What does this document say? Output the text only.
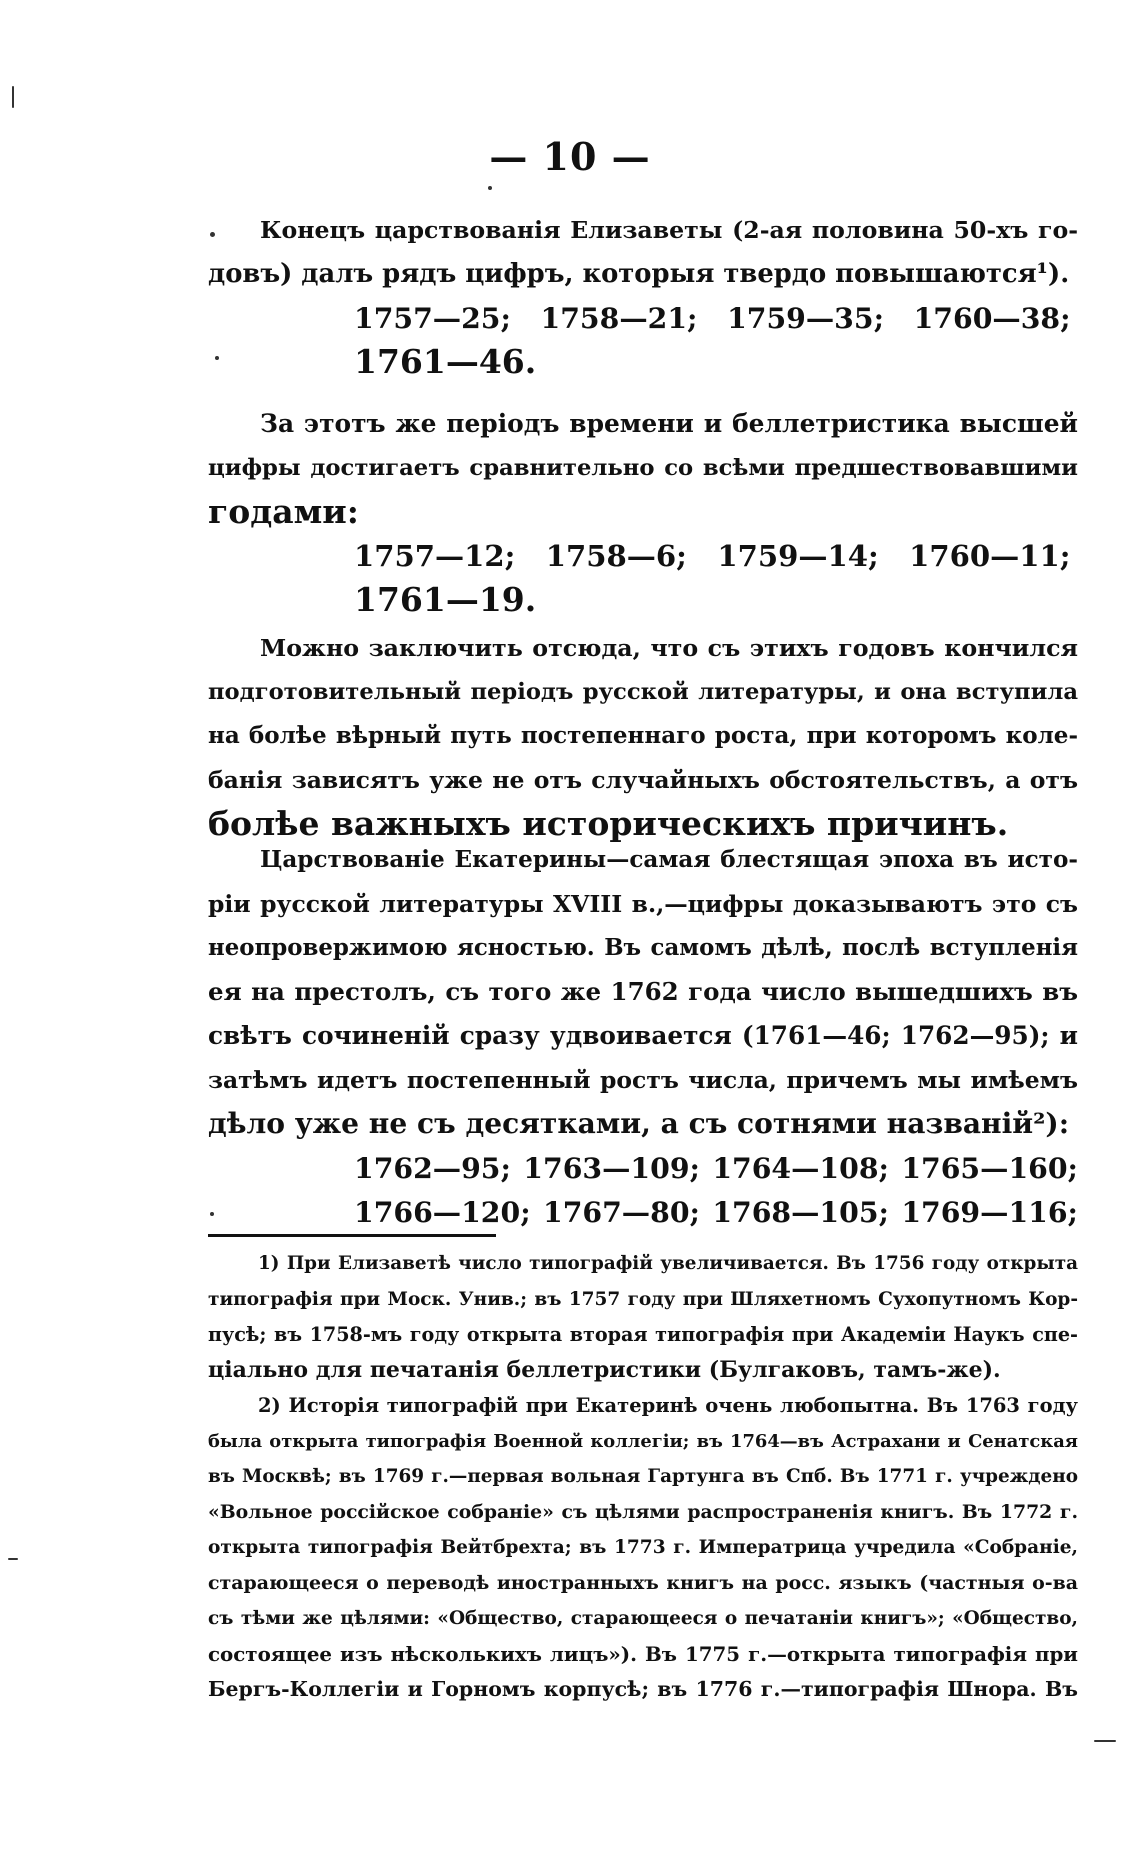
— 10 —
Конецъ царствованія Елизаветы (2-ая половина 50-хъ го-
довъ) далъ рядъ цифръ, которыя твердо повышаются¹).
1757—25;   1758—21;   1759—35;   1760—38;
1761—46.
За этотъ же періодъ времени и беллетристика высшей
цифры достигаетъ сравнительно со всѣми предшествовавшими
годами:
1757—12;   1758—6;   1759—14;   1760—11;
1761—19.
Можно заключить отсюда, что съ этихъ годовъ кончился
подготовительный періодъ русской литературы, и она вступила
на болѣе вѣрный путь постепеннаго роста, при которомъ коле-
банія зависятъ уже не отъ случайныхъ обстоятельствъ, а отъ
болѣе важныхъ историческихъ причинъ.
Царствованіе Екатерины—самая блестящая эпоха въ исто-
ріи русской литературы XVIII в.,—цифры доказываютъ это съ
неопровержимою ясностью. Въ самомъ дѣлѣ, послѣ вступленія
ея на престолъ, съ того же 1762 года число вышедшихъ въ
свѣтъ сочиненій сразу удвоивается (1761—46; 1762—95); и
затѣмъ идетъ постепенный ростъ числа, причемъ мы имѣемъ
дѣло уже не съ десятками, а съ сотнями названій²):
1762—95; 1763—109; 1764—108; 1765—160;
1766—120; 1767—80; 1768—105; 1769—116;
1) При Елизаветѣ число типографій увеличивается. Въ 1756 году открыта
типографія при Моск. Унив.; въ 1757 году при Шляхетномъ Сухопутномъ Кор-
пусѣ; въ 1758-мъ году открыта вторая типографія при Академіи Наукъ спе-
ціально для печатанія беллетристики (Булгаковъ, тамъ-же).
2) Исторія типографій при Екатеринѣ очень любопытна. Въ 1763 году
была открыта типографія Военной коллегіи; въ 1764—въ Астрахани и Сенатская
въ Москвѣ; въ 1769 г.—первая вольная Гартунга въ Спб. Въ 1771 г. учреждено
«Вольное россійское собраніе» съ цѣлями распространенія книгъ. Въ 1772 г.
открыта типографія Вейтбрехта; въ 1773 г. Императрица учредила «Собраніе,
старающееся о переводѣ иностранныхъ книгъ на росс. языкъ (частныя о-ва
съ тѣми же цѣлями: «Общество, старающееся о печатаніи книгъ»; «Общество,
состоящее изъ нѣсколькихъ лицъ»). Въ 1775 г.—открыта типографія при
Бергъ-Коллегіи и Горномъ корпусѣ; въ 1776 г.—типографія Шнора. Въ
